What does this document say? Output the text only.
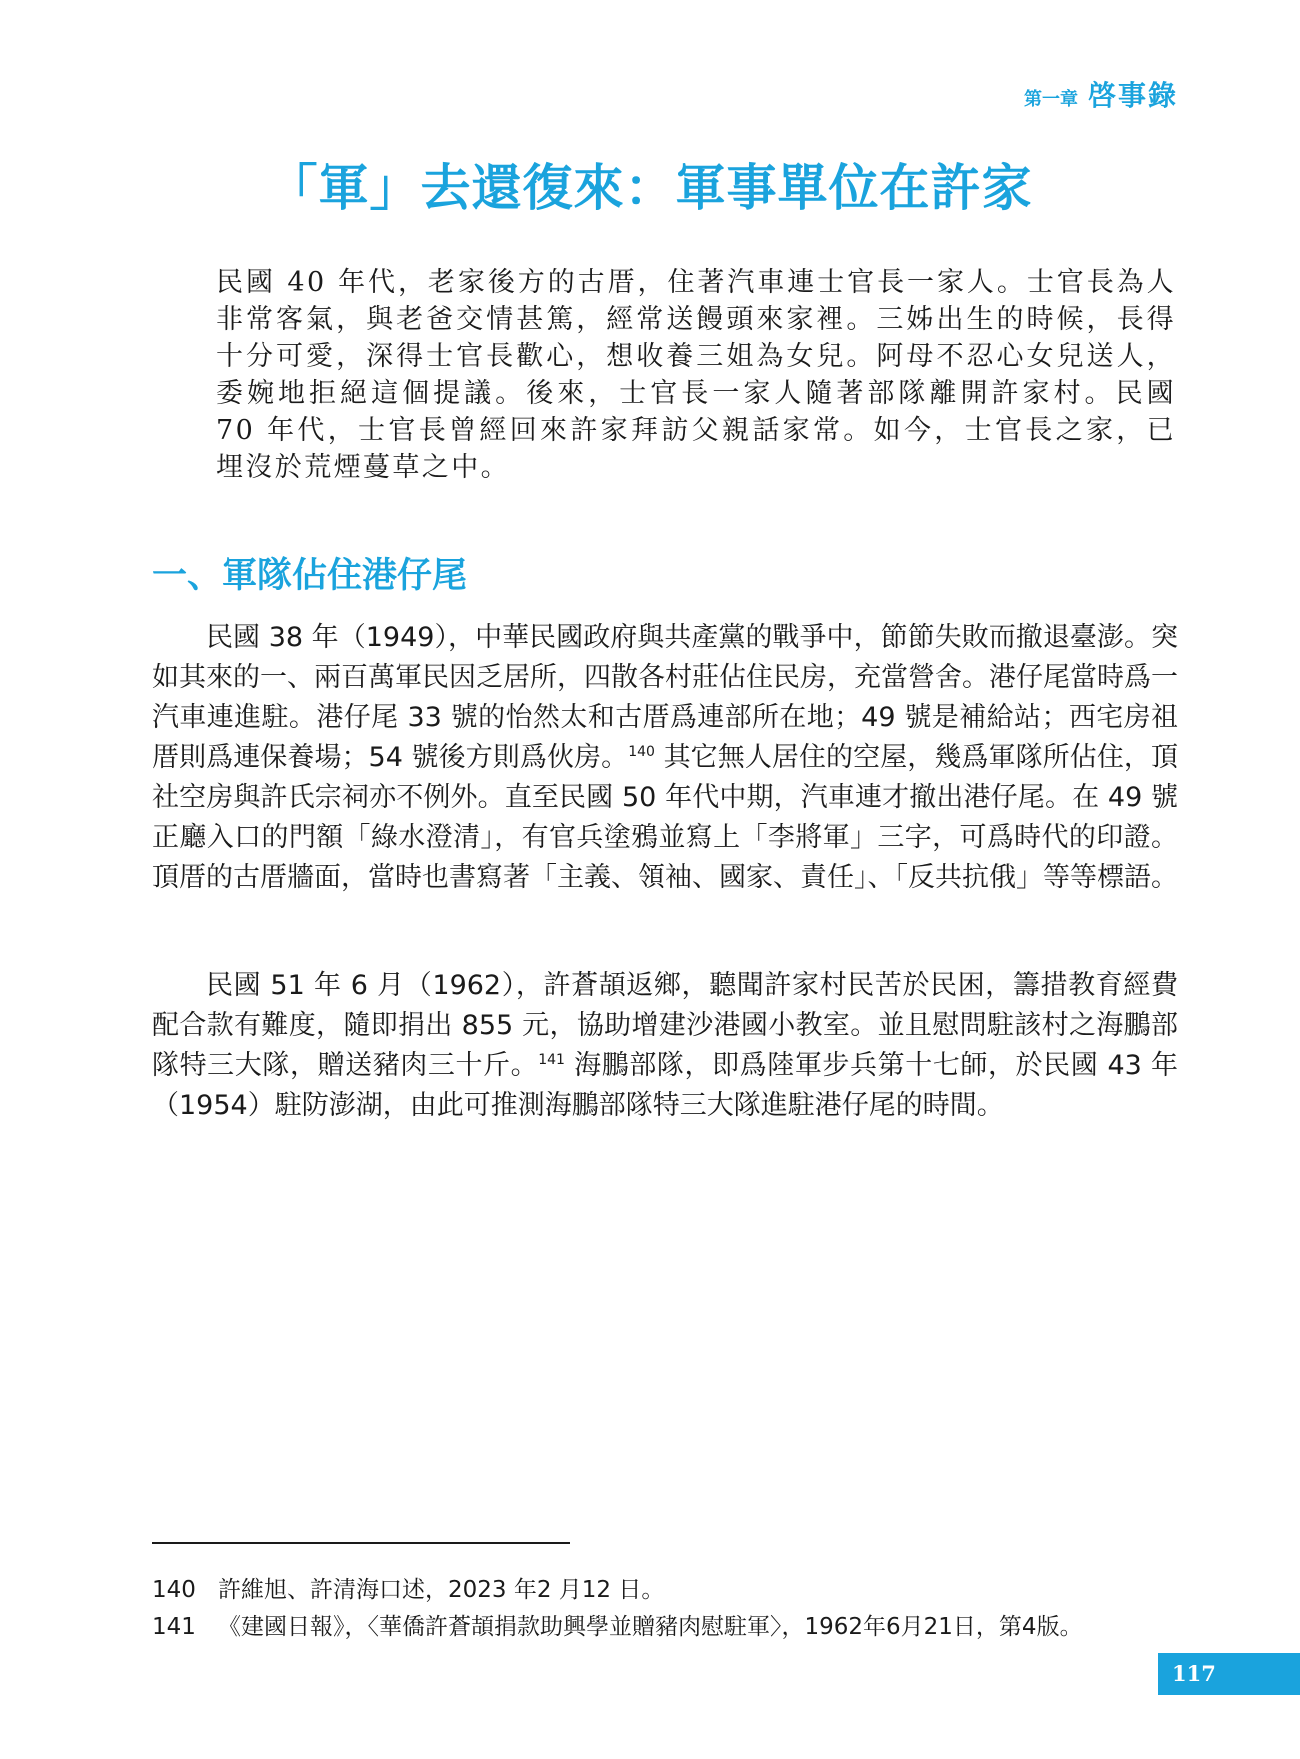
第一章 啓事錄
「軍」去還復來：軍事單位在許家

民國 40 年代，老家後方的古厝，住著汽車連士官長一家人。士官長為人非常客氣，與老爸交情甚篤，經常送饅頭來家裡。三姊出生的時候，長得十分可愛，深得士官長歡心，想收養三姐為女兒。阿母不忍心女兒送人，委婉地拒絕這個提議。後來，士官長一家人隨著部隊離開許家村。民國 70 年代，士官長曾經回來許家拜訪父親話家常。如今，士官長之家，已埋沒於荒煙蔓草之中。

一、軍隊佔住港仔尾

民國 38 年（1949），中華民國政府與共產黨的戰爭中，節節失敗而撤退臺澎。突如其來的一、兩百萬軍民因乏居所，四散各村莊佔住民房，充當營舍。港仔尾當時爲一汽車連進駐。港仔尾 33 號的怡然太和古厝爲連部所在地；49 號是補給站；西宅房祖厝則爲連保養場；54 號後方則爲伙房。$^{140}$ 其它無人居住的空屋，幾爲軍隊所佔住，頂社空房與許氏宗祠亦不例外。直至民國 50 年代中期，汽車連才撤出港仔尾。在 49 號正廳入口的門額「綠水澄清」，有官兵塗鴉並寫上「李將軍」三字，可爲時代的印證。頂厝的古厝牆面，當時也書寫著「主義、領袖、國家、責任」、「反共抗俄」等等標語。

民國 51 年 6 月（1962），許蒼頡返鄉，聽聞許家村民苦於民困，籌措教育經費配合款有難度，隨即捐出 855 元，協助增建沙港國小教室。並且慰問駐該村之海鵬部隊特三大隊，贈送豬肉三十斤。$^{141}$ 海鵬部隊，即爲陸軍步兵第十七師，於民國 43 年（1954）駐防澎湖，由此可推測海鵬部隊特三大隊進駐港仔尾的時間。

140 許維旭、許清海口述，2023 年2 月12 日。
141 《建國日報》，〈華僑許蒼頡捐款助興學並贈豬肉慰駐軍〉，1962年6月21日，第4版。
117
